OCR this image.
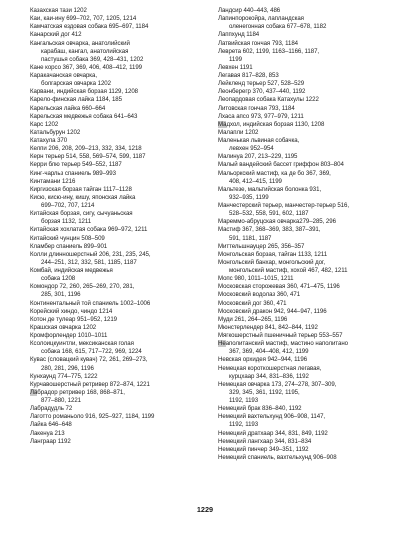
Казахская тази 1202
Каи, каи-ину 699–702, 707, 1205, 1214
Камчатская ездовая собака 695–697, 1184
Канарский дог 412
Кангальская овчарка, анатолийский
карабаш, кангал, анатолийская
пастушья собака 369, 428–431, 1202
Кане корсо 367, 369, 406, 408–412, 1199
Каракачанская овчарка,
болгарская овчарка 1202
Карвани, индийская борзая 1129, 1208
Карело-финская лайка 1184, 185
Карельская лайка 660–664
Карельская медвежья собака 641–643
Карс 1202
Катальбурун 1202
Катахула 370
Келпи 206, 208, 209–213, 332, 334, 1218
Керн терьер 514, 558, 569–574, 599, 1187
Керри блю терьер 549–552, 1187
Кинг-чарльз спаниель 989–993
Кинтамани 1216
Киргизская борзая тайган 1117–1128
Кисю, кисю-ину, кишу, японская лайка
699–702, 707, 1214
Китайская борзая, сигу, сычуаньская
борзая 1132, 1211
Китайская хохлатая собака 969–972, 1211
Китайский чунцин 508–509
Кламбер спаниель 899–901
Колли длинношерстный 206, 231, 235, 245,
244–251, 312, 332, 581, 1185, 1187
Комбай, индийская медвежья
собака 1208
Комондор 72, 260, 265–269, 270, 281,
285, 301, 1196
Континентальный той спаниель 1002–1006
Корейский хиндо, чиндо 1214
Котон де тулеар 951–952, 1219
Крашская овчарка 1202
Кромфорлендер 1010–1011
Ксолоицкуинтли, мексиканская голая
собака 168, 615, 717–722, 969, 1224
Кувас (словацкий кувач) 72, 261, 269–273,
280, 281, 296, 1196
Кунхаунд 774–775, 1222
Курчавошерстный ретривер 872–874, 1221
Лабрадор ретривер 168, 868–871,
877–880, 1221
Лабрадудль 72
Лаготто романьоло 916, 925–927, 1184, 1199
Лайка 646–648
Лакенуа 213
Ланграар 1192
Ландсир 440–443, 486
Лапинпорокойра, лапландская
оленегонная собака 677–678, 1182
Лаппхунд 1184
Латвийская гончая 793, 1184
Леврета 602, 1199, 1163–1166, 1187,
1199
Левхен 1191
Легавая 817–828, 853
Лейкленд терьер 527, 528–529
Леонберегр 370, 437–440, 1192
Леопардовая собака Катахулы 1222
Литовская гончая 793, 1184
Лхаса апсо 973, 977–979, 1211
Мадхол, индийская борзая 1130, 1208
Малапли 1202
Маленькая львиная собачка,
левхен 952–954
Малинуа 207, 213–229, 1195
Малый вандейский бассет гриффон 803–804
Мальоркский мастиф, ка де бо 367, 369,
408, 412–415, 1199
Мальтезе, мальтийская болонка 931,
932–935, 1199
Манчестерский терьер, манчестер-терьер 516,
528–532, 558, 591, 602, 1187
Мареммо-абруцская овчарка279–285, 296
Мастиф 367, 368–369, 383, 387–391,
591, 1181, 1187
Миттельшнауцер 265, 356–357
Монгольская борзая, тайган 1133, 1211
Монгольский банхар, монгольский дог,
монгольский мастиф, хохой 467, 482, 1211
Мопс 980, 1011–1015, 1211
Московская сторожевая 360, 471–475, 1196
Московский водолаз 360, 471
Московский дог 360, 471
Московский дракон 942, 944–947, 1196
Муди 261, 264–265, 1196
Мюнстерлендер 841, 842–844, 1192
Мягкошерстный пшеничный терьер 553–557
Неаполитанский мастиф, мастино наполитано
367, 369, 404–408, 412, 1199
Невская орхидея 942–944, 1196
Немецкая короткошерстная легавая,
курцхаар 344, 831–836, 1192
Немецкая овчарка 173, 274–278, 307–309,
329, 345, 361, 1192, 1195,
1192, 1193
Немецкий брак 836–840, 1192
Немецкий вахтельхунд 906–908, 1147,
1192, 1193
Немецкий дратхаар 344, 831, 849, 1192
Немецкий лангхаар 344, 831–834
Немецкий пинчер 349–351, 1192
Немецкий спаниель, вахтельхунд 906–908
1229
